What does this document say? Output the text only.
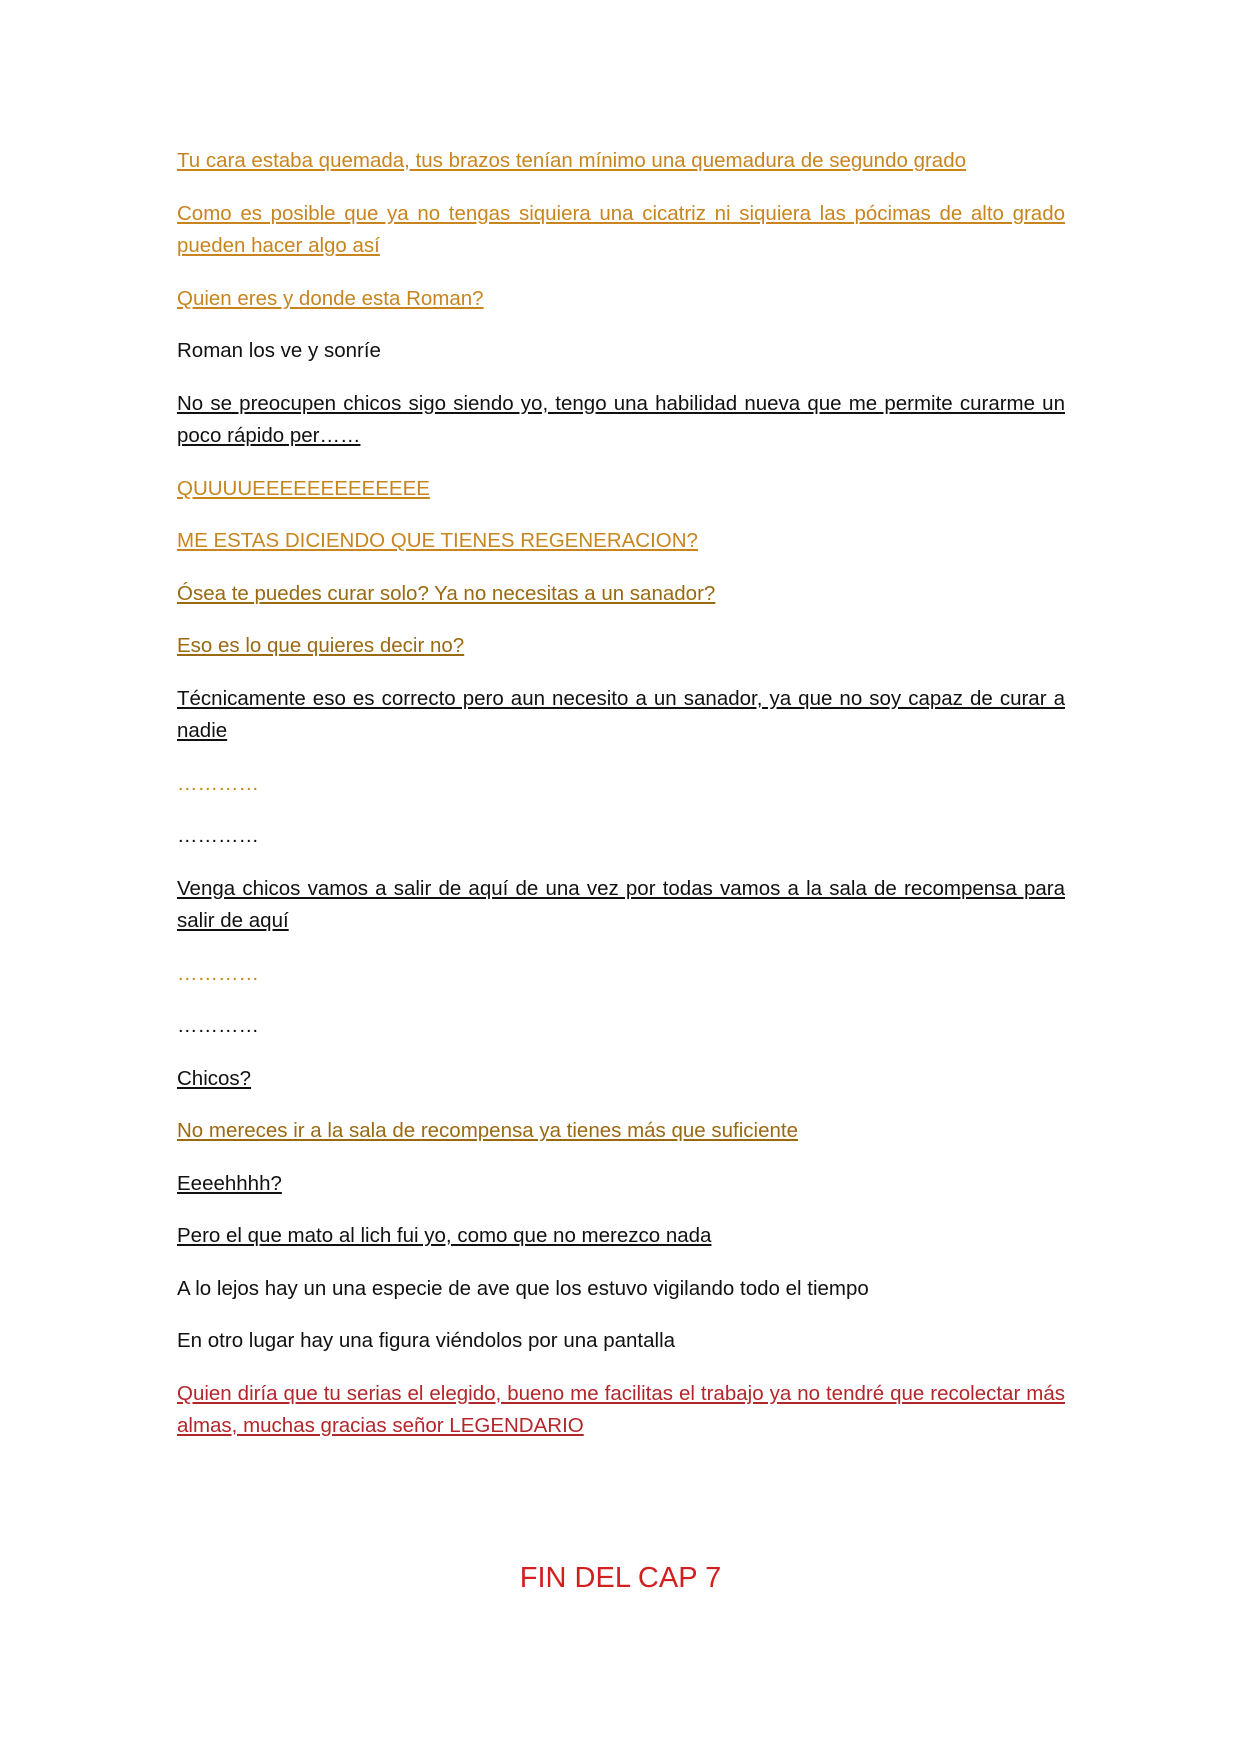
Tu cara estaba quemada, tus brazos tenían mínimo una quemadura de segundo grado

Como es posible que ya no tengas siquiera una cicatriz ni siquiera las pócimas de alto grado pueden hacer algo así

Quien eres y donde esta Roman?

Roman los ve y sonríe

No se preocupen chicos sigo siendo yo, tengo una habilidad nueva que me permite curarme un poco rápido per……

QUUUUEEEEEEEEEEEEE

ME ESTAS DICIENDO QUE TIENES REGENERACION?

Ósea te puedes curar solo? Ya no necesitas a un sanador?

Eso es lo que quieres decir no?

Técnicamente eso es correcto pero aun necesito a un sanador, ya que no soy capaz de curar a nadie

…………

…………

Venga chicos vamos a salir de aquí de una vez por todas vamos a la sala de recompensa para salir de aquí

…………

…………

Chicos?

No mereces ir a la sala de recompensa ya tienes más que suficiente

Eeeehhhh?

Pero el que mato al lich fui yo, como que no merezco nada

A lo lejos hay un una especie de ave que los estuvo vigilando todo el tiempo

En otro lugar hay una figura viéndolos por una pantalla

Quien diría que tu serias el elegido, bueno me facilitas el trabajo ya no tendré que recolectar más almas, muchas gracias señor LEGENDARIO

FIN DEL CAP 7
